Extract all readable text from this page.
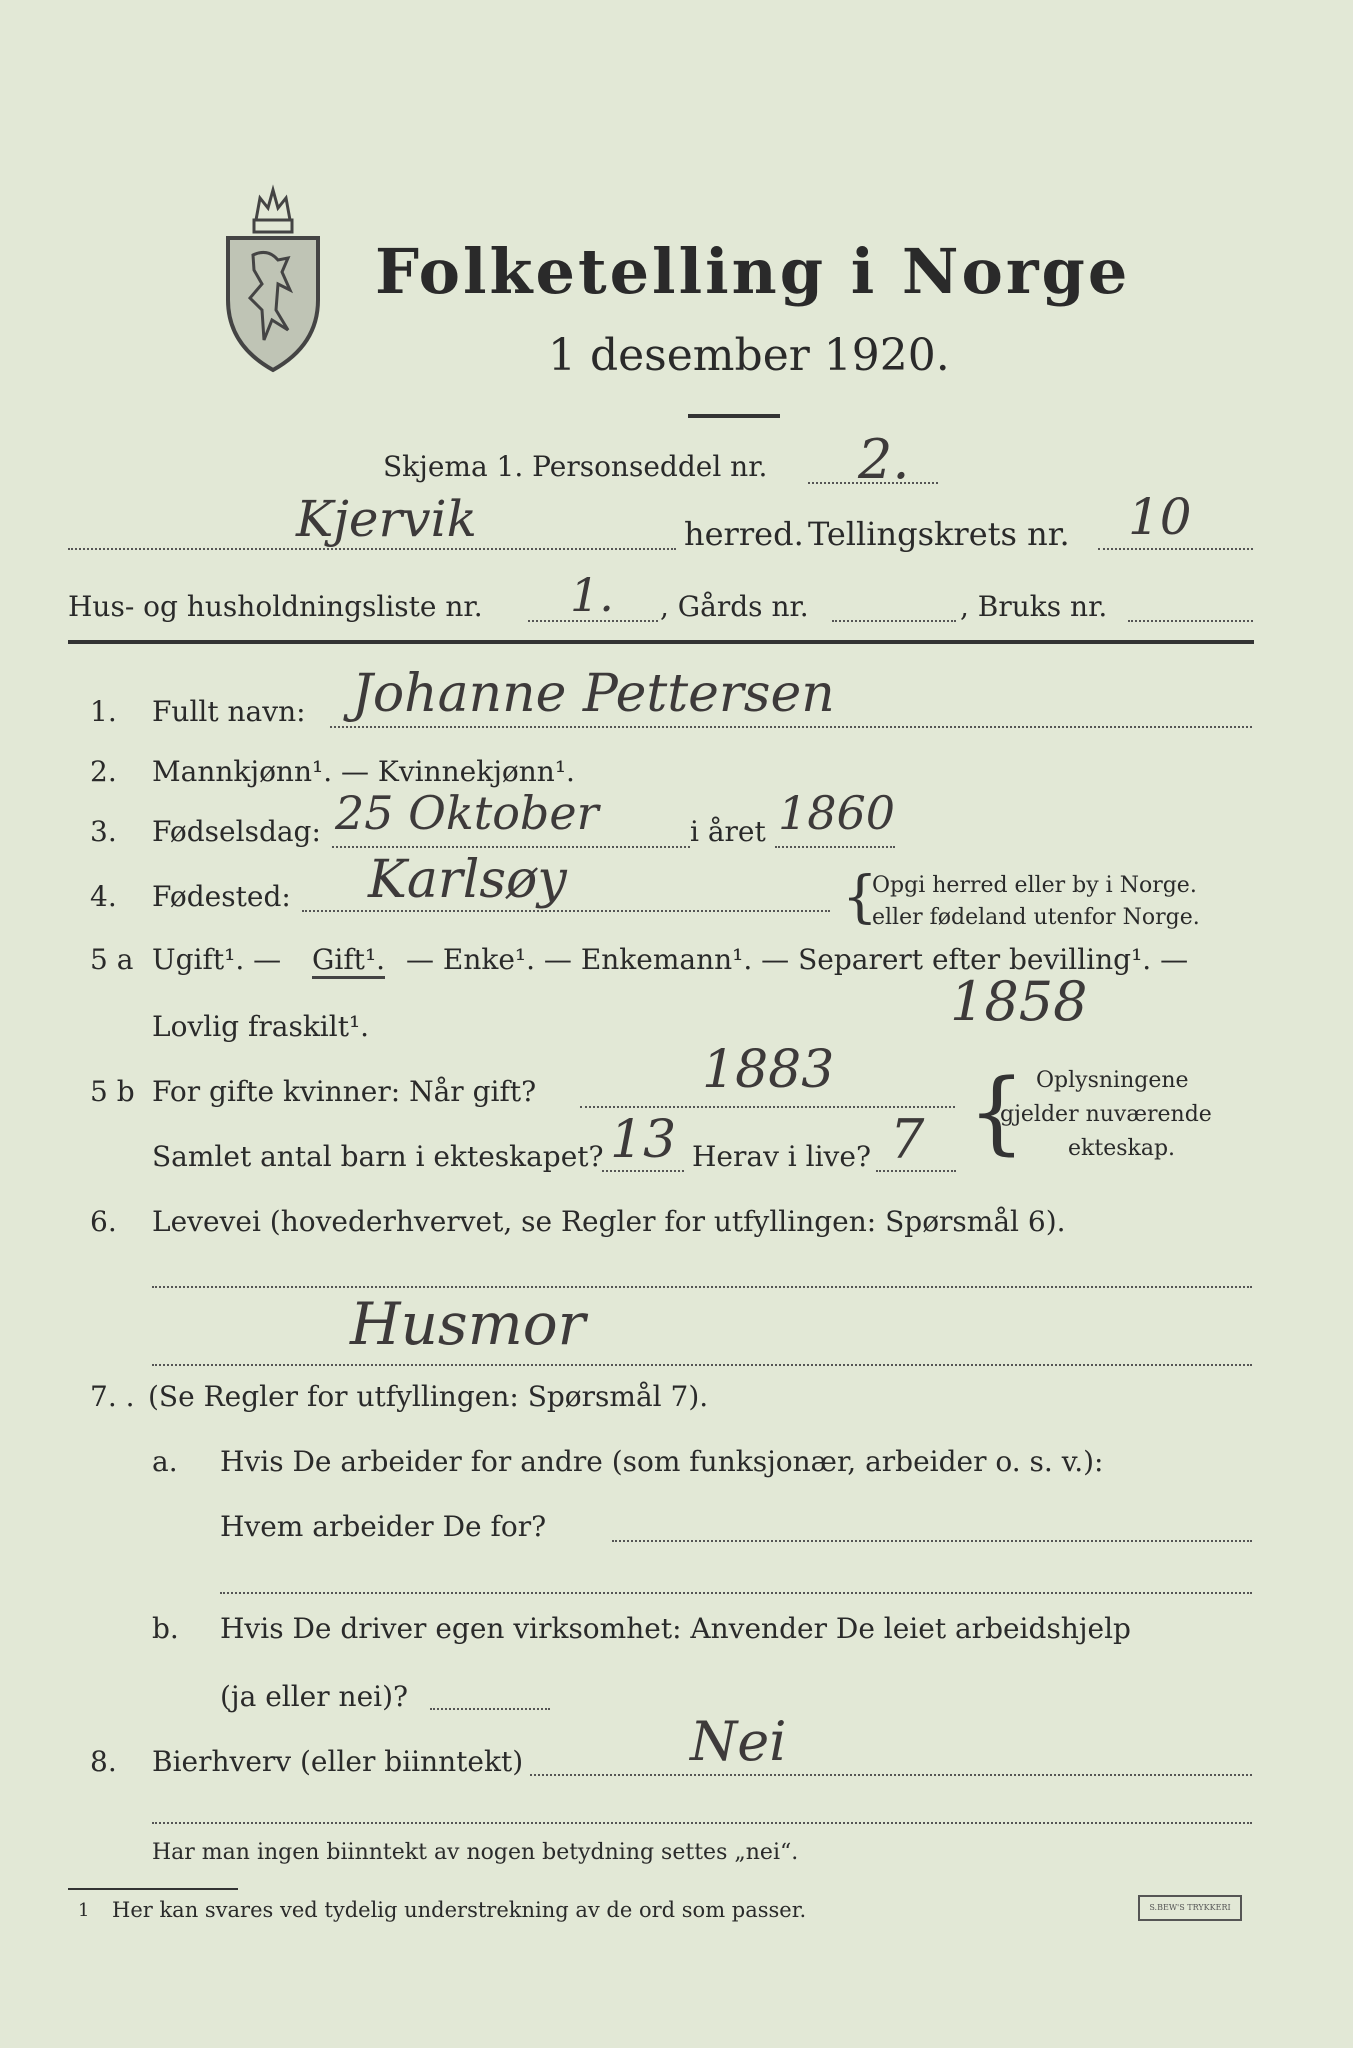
Folketelling i Norge
1 desember 1920.
Skjema 1. Personseddel nr. 2.
Kjervik	herred. Tellingskrets nr. 10
Hus- og husholdningsliste nr. 1. , Gårds nr.	, Bruks nr.
1. Fullt navn: Johanne Pettersen
2. Mannkjønn¹. — Kvinnekjønn¹.
3. Fødselsdag: 25 Oktober	i året 1860
4. Fødested: Karlsøy	{
Opgi herred eller by i Norge.
eller fødeland utenfor Norge.
5 a Ugift¹. — Gift¹. — Enke¹. — Enkemann¹. — Separert efter bevilling¹. —
Lovlig fraskilt¹.	1858
5 b For gifte kvinner: Når gift?	1883
Samlet antal barn i ekteskapet? 13 Herav i live? 7 { Oplysningene
gjelder nuværende
ekteskap.
6. Levevei (hovederhvervet, se Regler for utfyllingen: Spørsmål 6).
Husmor
7. . (Se Regler for utfyllingen: Spørsmål 7).
a. Hvis De arbeider for andre (som funksjonær, arbeider o. s. v.):
Hvem arbeider De for?
b. Hvis De driver egen virksomhet: Anvender De leiet arbeidshjelp
(ja eller nei)?
8. Bierhverv (eller biinntekt)	Nei
Har man ingen biinntekt av nogen betydning settes „nei“.
1 Her kan svares ved tydelig understrekning av de ord som passer.	S.BEW'S TRYKKERI
